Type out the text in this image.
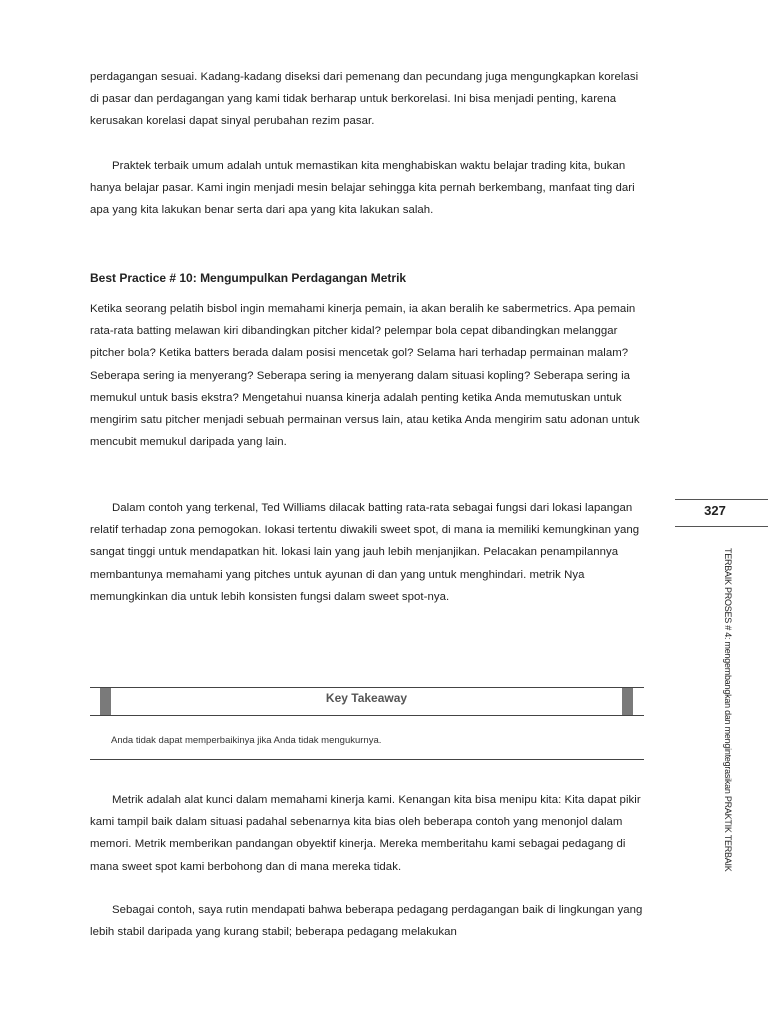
perdagangan sesuai. Kadang-kadang diseksi dari pemenang dan pecundang juga mengungkapkan korelasi di pasar dan perdagangan yang kami tidak berharap untuk berkorelasi. Ini bisa menjadi penting, karena kerusakan korelasi dapat sinyal perubahan rezim pasar.

Praktek terbaik umum adalah untuk memastikan kita menghabiskan waktu belajar trading kita, bukan hanya belajar pasar. Kami ingin menjadi mesin belajar sehingga kita pernah berkembang, manfaat ting dari apa yang kita lakukan benar serta dari apa yang kita lakukan salah.

Best Practice # 10: Mengumpulkan Perdagangan Metrik

Ketika seorang pelatih bisbol ingin memahami kinerja pemain, ia akan beralih ke sabermetrics. Apa pemain rata-rata batting melawan kiri dibandingkan pitcher kidal? pelempar bola cepat dibandingkan melanggar pitcher bola? Ketika batters berada dalam posisi mencetak gol? Selama hari terhadap permainan malam? Seberapa sering ia menyerang? Seberapa sering ia menyerang dalam situasi kopling? Seberapa sering ia memukul untuk basis ekstra? Mengetahui nuansa kinerja adalah penting ketika Anda memutuskan untuk mengirim satu pitcher menjadi sebuah permainan versus lain, atau ketika Anda mengirim satu adonan untuk mencubit memukul daripada yang lain.

Dalam contoh yang terkenal, Ted Williams dilacak batting rata-rata sebagai fungsi dari lokasi lapangan relatif terhadap zona pemogokan. Iokasi tertentu diwakili sweet spot, di mana ia memiliki kemungkinan yang sangat tinggi untuk mendapatkan hit. lokasi lain yang jauh lebih menjanjikan. Pelacakan penampilannya membantunya memahami yang pitches untuk ayunan di dan yang untuk menghindari. metrik Nya memungkinkan dia untuk lebih konsisten fungsi dalam sweet spot-nya.

327
TERBAIK PROSES # 4: mengembangkan dan mengintegrasikan PRAKTIK TERBAIK
Key Takeaway
Anda tidak dapat memperbaikinya jika Anda tidak mengukurnya.

Metrik adalah alat kunci dalam memahami kinerja kami. Kenangan kita bisa menipu kita: Kita dapat pikir kami tampil baik dalam situasi padahal sebenarnya kita bias oleh beberapa contoh yang menonjol dalam memori. Metrik memberikan pandangan obyektif kinerja. Mereka memberitahu kami sebagai pedagang di mana sweet spot kami berbohong dan di mana mereka tidak.

Sebagai contoh, saya rutin mendapati bahwa beberapa pedagang perdagangan baik di lingkungan yang lebih stabil daripada yang kurang stabil; beberapa pedagang melakukan
